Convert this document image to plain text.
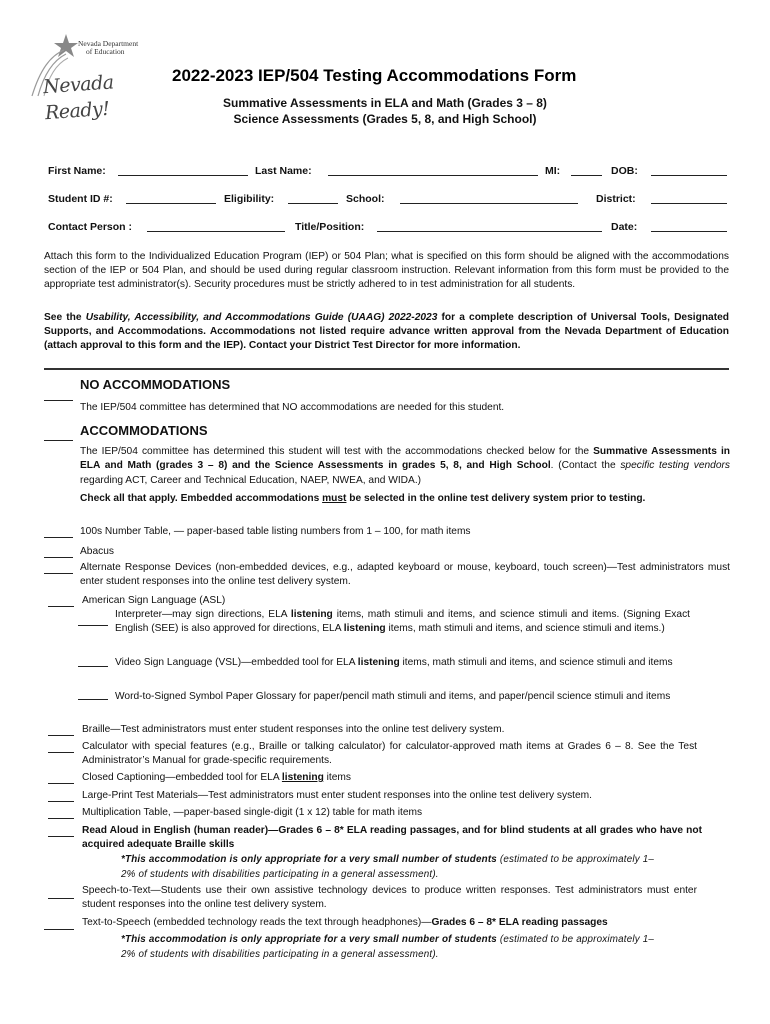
Nevada Department
of Education
Nevada Ready!
2022-2023 IEP/504 Testing Accommodations Form
Summative Assessments in ELA and Math (Grades 3 – 8)
Science Assessments (Grades 5, 8, and High School)
First Name:	Last Name:	MI:	DOB:
Student ID #:	Eligibility:	School:	District:
Contact Person :	Title/Position:	Date:
Attach this form to the Individualized Education Program (IEP) or 504 Plan; what is specified on this form should be aligned with the accommodations section of the IEP or 504 Plan, and should be used during regular classroom instruction. Relevant information from this form must be provided to the appropriate test administrator(s). Security procedures must be strictly adhered to in test administration for all students.
See the Usability, Accessibility, and Accommodations Guide (UAAG) 2022-2023 for a complete description of Universal Tools, Designated Supports, and Accommodations. Accommodations not listed require advance written approval from the Nevada Department of Education (attach approval to this form and the IEP). Contact your District Test Director for more information.
NO ACCOMMODATIONS
The IEP/504 committee has determined that NO accommodations are needed for this student.
ACCOMMODATIONS
The IEP/504 committee has determined this student will test with the accommodations checked below for the Summative Assessments in ELA and Math (grades 3 – 8) and the Science Assessments in grades 5, 8, and High School. (Contact the specific testing vendors regarding ACT, Career and Technical Education, NAEP, NWEA, and WIDA.)
Check all that apply. Embedded accommodations must be selected in the online test delivery system prior to testing.
100s Number Table, — paper-based table listing numbers from 1 – 100, for math items
Abacus
Alternate Response Devices (non-embedded devices, e.g., adapted keyboard or mouse, keyboard, touch screen)—Test administrators must enter student responses into the online test delivery system.
American Sign Language (ASL)
Interpreter—may sign directions, ELA listening items, math stimuli and items, and science stimuli and items. (Signing Exact English (SEE) is also approved for directions, ELA listening items, math stimuli and items, and science stimuli and items.)
Video Sign Language (VSL)—embedded tool for ELA listening items, math stimuli and items, and science stimuli and items
Word-to-Signed Symbol Paper Glossary for paper/pencil math stimuli and items, and paper/pencil science stimuli and items
Braille—Test administrators must enter student responses into the online test delivery system.
Calculator with special features (e.g., Braille or talking calculator) for calculator-approved math items at Grades 6 – 8. See the Test Administrator’s Manual for grade-specific requirements.
Closed Captioning—embedded tool for ELA listening items
Large-Print Test Materials—Test administrators must enter student responses into the online test delivery system.
Multiplication Table, —paper-based single-digit (1 x 12) table for math items
Read Aloud in English (human reader)—Grades 6 – 8* ELA reading passages, and for blind students at all grades who have not acquired adequate Braille skills
*This accommodation is only appropriate for a very small number of students (estimated to be approximately 1–2% of students with disabilities participating in a general assessment).
Speech-to-Text—Students use their own assistive technology devices to produce written responses. Test administrators must enter student responses into the online test delivery system.
Text-to-Speech (embedded technology reads the text through headphones)—Grades 6 – 8* ELA reading passages
*This accommodation is only appropriate for a very small number of students (estimated to be approximately 1–2% of students with disabilities participating in a general assessment).
